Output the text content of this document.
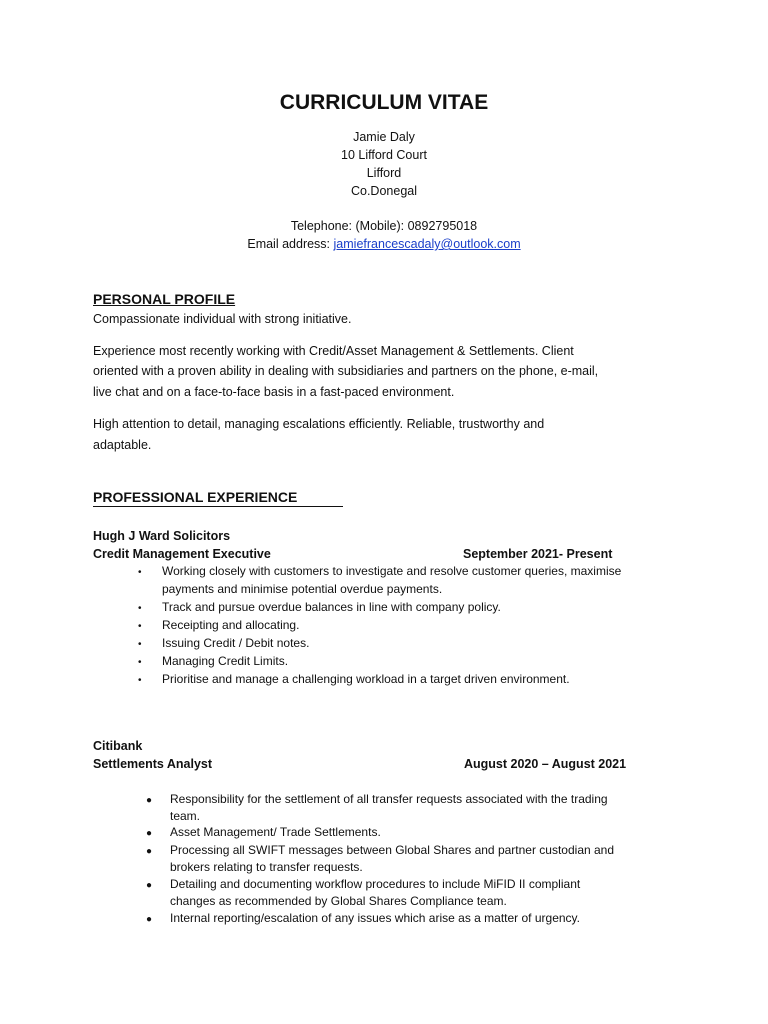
CURRICULUM VITAE
Jamie Daly
10 Lifford Court
Lifford
Co.Donegal
Telephone: (Mobile): 0892795018
Email address: jamiefrancescadaly@outlook.com
PERSONAL PROFILE
Compassionate individual with strong initiative.
Experience most recently working with Credit/Asset Management & Settlements. Client
oriented with a proven ability in dealing with subsidiaries and partners on the phone, e-mail,
live chat and on a face-to-face basis in a fast-paced environment.
High attention to detail, managing escalations efficiently. Reliable, trustworthy and
adaptable.
PROFESSIONAL EXPERIENCE
Hugh J Ward Solicitors
Credit Management Executive	September 2021- Present
• Working closely with customers to investigate and resolve customer queries, maximise
payments and minimise potential overdue payments.
• Track and pursue overdue balances in line with company policy.
• Receipting and allocating.
• Issuing Credit / Debit notes.
• Managing Credit Limits.
• Prioritise and manage a challenging workload in a target driven environment.
Citibank
Settlements Analyst	August 2020 – August 2021
● Responsibility for the settlement of all transfer requests associated with the trading
team.
● Asset Management/ Trade Settlements.
● Processing all SWIFT messages between Global Shares and partner custodian and
brokers relating to transfer requests.
● Detailing and documenting workflow procedures to include MiFID II compliant
changes as recommended by Global Shares Compliance team.
● Internal reporting/escalation of any issues which arise as a matter of urgency.
